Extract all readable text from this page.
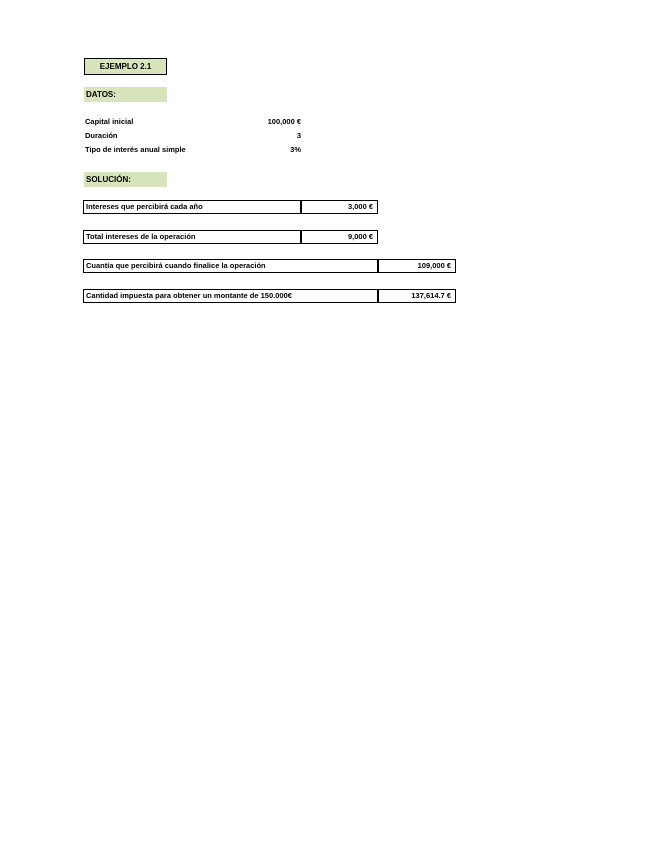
EJEMPLO 2.1
DATOS:
Capital inicial	100,000 €
Duración	3
Tipo de interés anual simple	3%
SOLUCIÓN:
Intereses que percibirá cada año	3,000 €
Total intereses de la operación	9,000 €
Cuantía que percibirá cuando finalice la operación	109,000 €
Cantidad impuesta para obtener un montante de 150.000€	137,614.7 €
